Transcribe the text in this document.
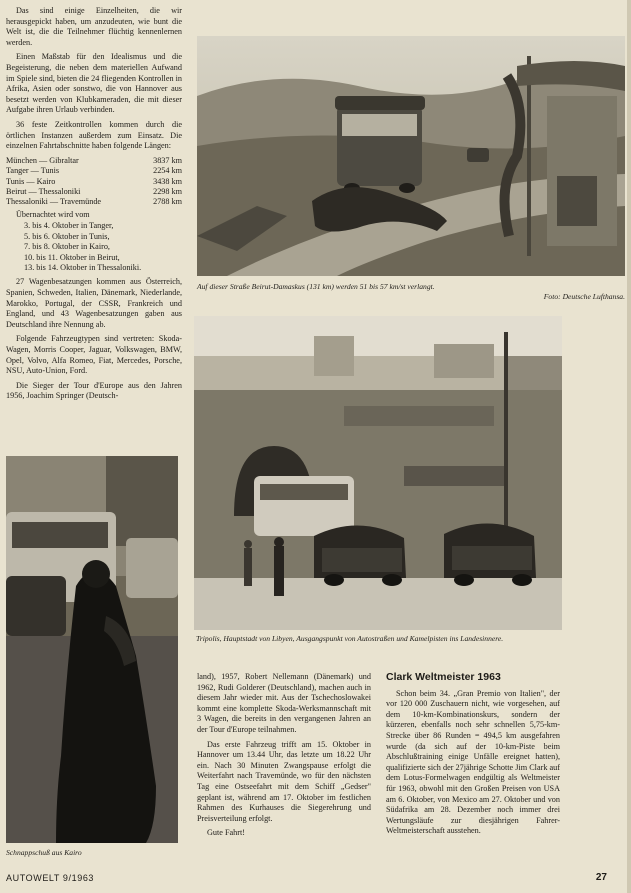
Das sind einige Einzelheiten, die wir herausgepickt haben, um anzudeuten, wie bunt die Welt ist, die die Teilnehmer flüchtig kennenlernen werden.

Einen Maßstab für den Idealismus und die Begeisterung, die neben dem materiellen Aufwand im Spiele sind, bieten die 24 fliegenden Kontrollen in Afrika, Asien oder sonstwo, die von Hannover aus besetzt werden von Klubkameraden, die mit dieser Aufgabe ihren Urlaub verbinden.

36 feste Zeitkontrollen kommen durch die örtlichen Instanzen außerdem zum Einsatz. Die einzelnen Fahrtabschnitte haben folgende Längen:

München — Gibraltar	3837 km
Tanger — Tunis	2254 km
Tunis — Kairo	3438 km
Beirut — Thessaloniki	2298 km
Thessaloniki — Travemünde	2788 km

Übernachtet wird vom

3. bis 4. Oktober in Tanger,
5. bis 6. Oktober in Tunis,
7. bis 8. Oktober in Kairo,
10. bis 11. Oktober in Beirut,
13. bis 14. Oktober in Thessaloniki.

27 Wagenbesatzungen kommen aus Österreich, Spanien, Schweden, Italien, Dänemark, Niederlande, Marokko, Portugal, der CSSR, Frankreich und England, und 43 Wagenbesatzungen gaben aus Deutschland ihre Nennung ab.

Folgende Fahrzeugtypen sind vertreten: Skoda-Wagen, Morris Cooper, Jaguar, Volkswagen, BMW, Opel, Volvo, Alfa Romeo, Fiat, Mercedes, Porsche, NSU, Auto-Union, Ford.

Die Sieger der Tour d'Europe aus den Jahren 1956, Joachim Springer (Deutsch-

Auf dieser Straße Beirut-Damaskus (131 km) werden 51 bis 57 km/st verlangt.
Foto: Deutsche Lufthansa.
Tripolis, Hauptstadt von Libyen, Ausgangspunkt von Autostraßen und Kamelpisten ins Landesinnere.
Schnappschuß aus Kairo

land), 1957, Robert Nellemann (Dänemark) und 1962, Rudi Golderer (Deutschland), machen auch in diesem Jahr wieder mit. Aus der Tschechoslowakei kommt eine komplette Skoda-Werksmannschaft mit 3 Wagen, die bereits in den vergangenen Jahren an der Tour d'Europe teilnahmen.

Das erste Fahrzeug trifft am 15. Oktober in Hannover um 13.44 Uhr, das letzte um 18.22 Uhr ein. Nach 30 Minuten Zwangspause erfolgt die Weiterfahrt nach Travemünde, wo für den nächsten Tag eine Ostseefahrt mit dem Schiff „Gedser" geplant ist, während am 17. Oktober im festlichen Rahmen des Kurhauses die Siegerehrung und Preisverteilung erfolgt.

Gute Fahrt!

Clark Weltmeister 1963

Schon beim 34. „Gran Premio von Italien", der vor 120 000 Zuschauern nicht, wie vorgesehen, auf dem 10-km-Kombinationskurs, sondern der kürzeren, ebenfalls noch sehr schnellen 5,75-km-Strecke über 86 Runden = 494,5 km ausgefahren wurde (da sich auf der 10-km-Piste beim Abschlußtraining einige Unfälle ereignet hatten), qualifizierte sich der 27jährige Schotte Jim Clark auf dem Lotus-Formelwagen endgültig als Weltmeister für 1963, obwohl mit den Großen Preisen von USA am 6. Oktober, von Mexico am 27. Oktober und von Südafrika am 28. Dezember noch immer drei Wertungsläufe zur diesjährigen Fahrer-Weltmeisterschaft ausstehen.

AUTOWELT 9/1963	27
